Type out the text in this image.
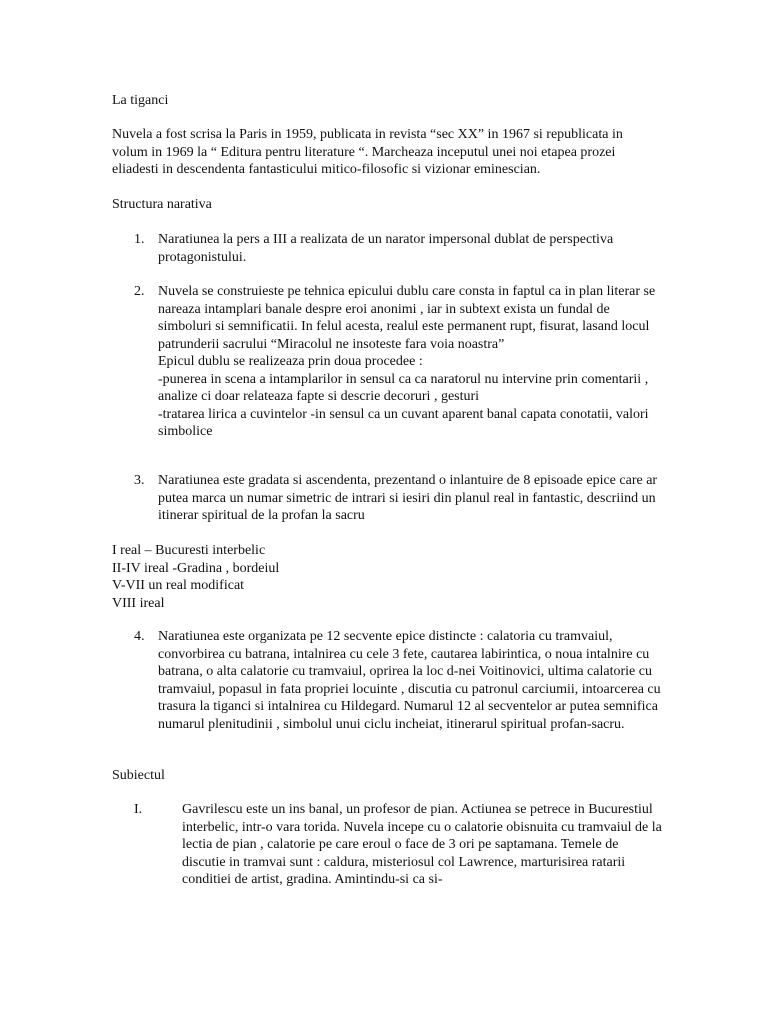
La tiganci

Nuvela a fost scrisa la Paris in 1959, publicata in revista “sec XX” in 1967 si republicata in volum in 1969 la “ Editura pentru literature “. Marcheaza inceputul unei noi etapea prozei eliadesti in descendenta fantasticului mitico-filosofic si vizionar eminescian.

Structura narativa

1. Naratiunea la pers a III a realizata de un narator impersonal dublat de perspectiva protagonistului.

2. Nuvela se construieste pe tehnica epicului dublu care consta in faptul ca in plan literar se nareaza intamplari banale despre eroi anonimi , iar in subtext exista un fundal de simboluri si semnificatii. In felul acesta, realul este permanent rupt, fisurat, lasand locul patrunderii sacrului “Miracolul ne insoteste fara voia noastra”
Epicul dublu se realizeaza prin doua procedee :
-punerea in scena a intamplarilor in sensul ca ca naratorul nu intervine prin comentarii , analize ci doar relateaza fapte si descrie decoruri , gesturi
-tratarea lirica a cuvintelor -in sensul ca un cuvant aparent banal capata conotatii, valori simbolice
3. Naratiunea este gradata si ascendenta, prezentand o inlantuire de 8 episoade epice care ar putea marca un numar simetric de intrari si iesiri din planul real in fantastic, descriind un itinerar spiritual de la profan la sacru

I real – Bucuresti interbelic
II-IV ireal -Gradina , bordeiul
V-VII un real modificat
VIII ireal
4. Naratiunea este organizata pe 12 secvente epice distincte : calatoria cu tramvaiul, convorbirea cu batrana, intalnirea cu cele 3 fete, cautarea labirintica, o noua intalnire cu batrana, o alta calatorie cu tramvaiul, oprirea la loc d-nei Voitinovici, ultima calatorie cu tramvaiul, popasul in fata propriei locuinte , discutia cu patronul carciumii, intoarcerea cu trasura la tiganci si intalnirea cu Hildegard. Numarul 12 al secventelor ar putea semnifica numarul plenitudinii , simbolul unui ciclu incheiat, itinerarul spiritual profan-sacru.

Subiectul

I.	Gavrilescu este un ins banal, un profesor de pian. Actiunea se petrece in Bucurestiul interbelic, intr-o vara torida. Nuvela incepe cu o calatorie obisnuita cu tramvaiul de la lectia de pian , calatorie pe care eroul o face de 3 ori pe saptamana. Temele de discutie in tramvai sunt : caldura, misteriosul col Lawrence, marturisirea ratarii conditiei de artist, gradina. Amintindu-si ca si-
